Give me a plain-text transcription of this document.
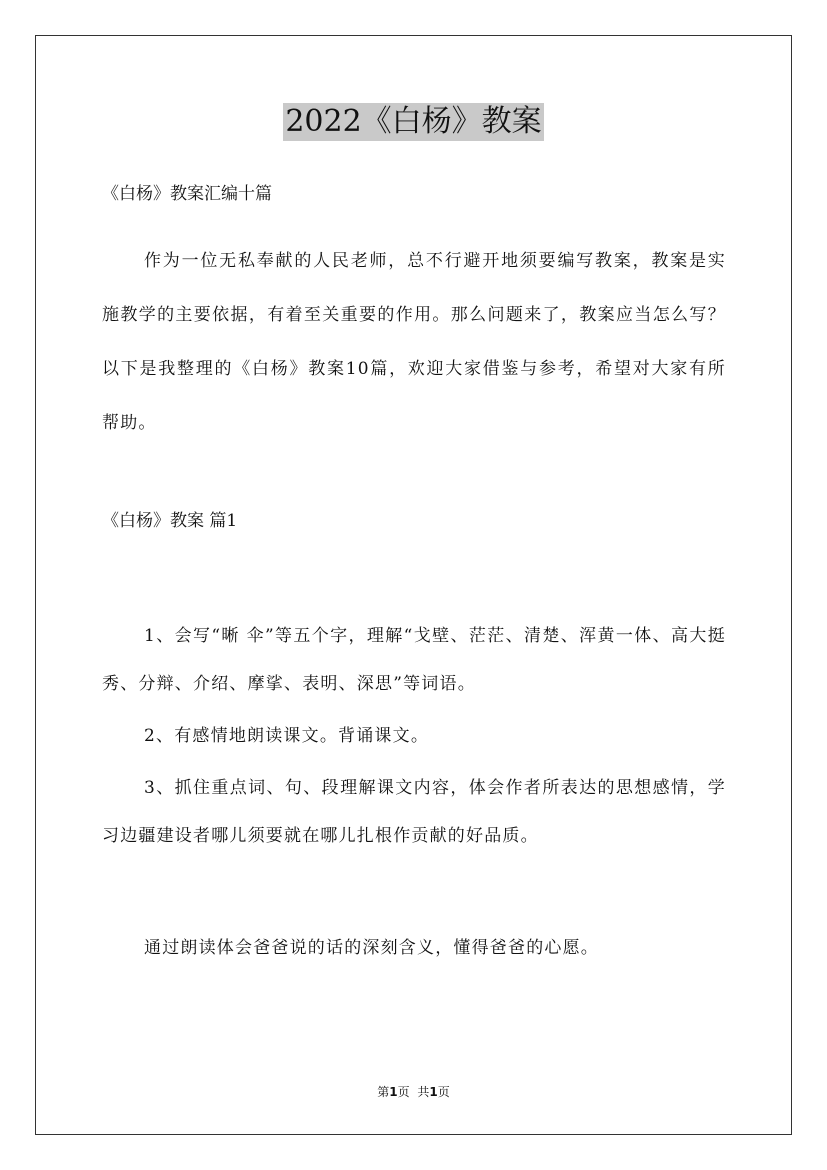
2022《白杨》教案

《白杨》教案汇编十篇

作为一位无私奉献的人民老师，总不行避开地须要编写教案，教案是实施教学的主要依据，有着至关重要的作用。那么问题来了，教案应当怎么写？以下是我整理的《白杨》教案10篇，欢迎大家借鉴与参考，希望对大家有所帮助。

《白杨》教案 篇1

1、会写“晰 伞”等五个字，理解“戈壁、茫茫、清楚、浑黄一体、高大挺秀、分辩、介绍、摩挲、表明、深思”等词语。

2、有感情地朗读课文。背诵课文。

3、抓住重点词、句、段理解课文内容，体会作者所表达的思想感情，学习边疆建设者哪儿须要就在哪儿扎根作贡献的好品质。

通过朗读体会爸爸说的话的深刻含义，懂得爸爸的心愿。

第1页 共1页
